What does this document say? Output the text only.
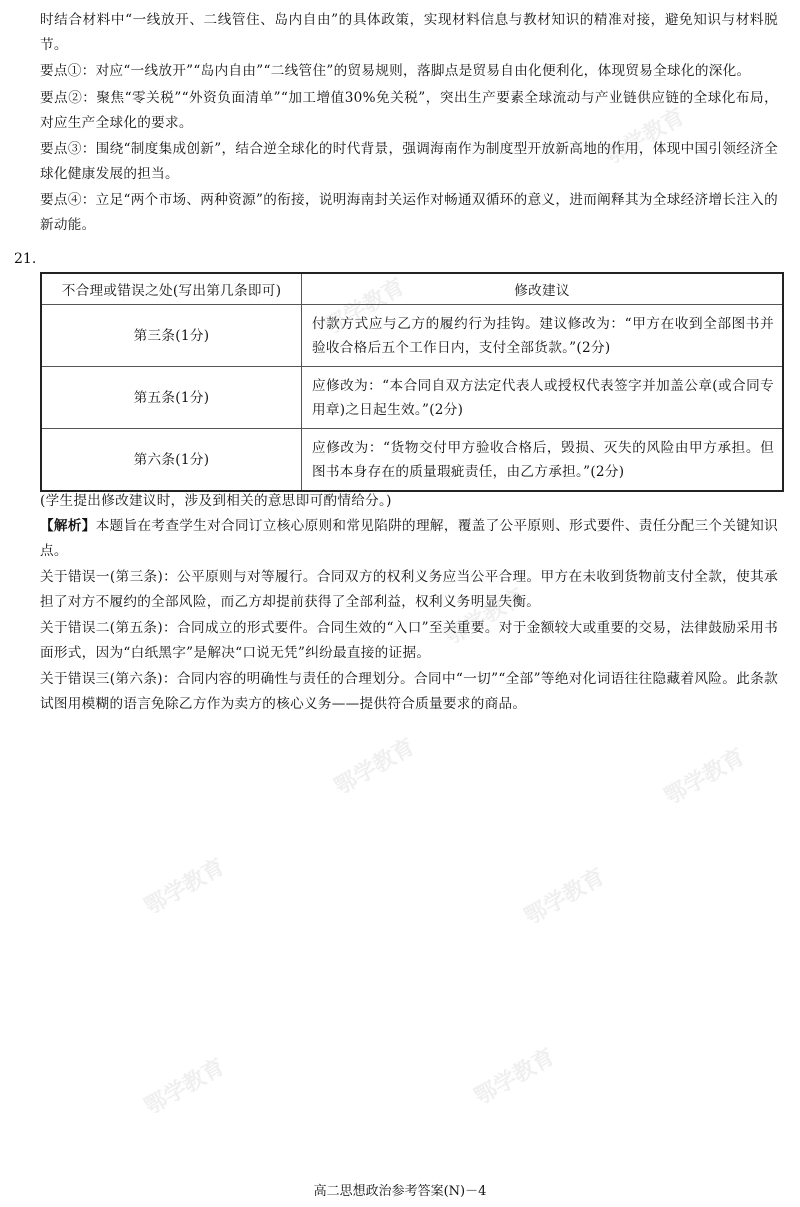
鄂学教育
鄂学教育
鄂学教育
鄂学教育	鄂学教育
鄂学教育	鄂学教育
鄂学教育	鄂学教育

时结合材料中“一线放开、二线管住、岛内自由”的具体政策，实现材料信息与教材知识的精准对接，避免知识与材料脱节。

要点①：对应“一线放开”“岛内自由”“二线管住”的贸易规则，落脚点是贸易自由化便利化，体现贸易全球化的深化。

要点②：聚焦“零关税”“外资负面清单”“加工增值30%免关税”，突出生产要素全球流动与产业链供应链的全球化布局，对应生产全球化的要求。

要点③：围绕“制度集成创新”，结合逆全球化的时代背景，强调海南作为制度型开放新高地的作用，体现中国引领经济全球化健康发展的担当。

要点④：立足“两个市场、两种资源”的衔接，说明海南封关运作对畅通双循环的意义，进而阐释其为全球经济增长注入的新动能。

21.
不合理或错误之处(写出第几条即可)	修改建议
第三条(1分)	付款方式应与乙方的履约行为挂钩。建议修改为：“甲方在收到全部图书并验收合格后五个工作日内，支付全部货款。”(2分)
第五条(1分)	应修改为：“本合同自双方法定代表人或授权代表签字并加盖公章(或合同专用章)之日起生效。”(2分)
第六条(1分)	应修改为：“货物交付甲方验收合格后，毁损、灭失的风险由甲方承担。但图书本身存在的质量瑕疵责任，由乙方承担。”(2分)

(学生提出修改建议时，涉及到相关的意思即可酌情给分。)

【解析】本题旨在考查学生对合同订立核心原则和常见陷阱的理解，覆盖了公平原则、形式要件、责任分配三个关键知识点。

关于错误一(第三条)：公平原则与对等履行。合同双方的权利义务应当公平合理。甲方在未收到货物前支付全款，使其承担了对方不履约的全部风险，而乙方却提前获得了全部利益，权利义务明显失衡。

关于错误二(第五条)：合同成立的形式要件。合同生效的“入口”至关重要。对于金额较大或重要的交易，法律鼓励采用书面形式，因为“白纸黑字”是解决“口说无凭”纠纷最直接的证据。

关于错误三(第六条)：合同内容的明确性与责任的合理划分。合同中“一切”“全部”等绝对化词语往往隐藏着风险。此条款试图用模糊的语言免除乙方作为卖方的核心义务——提供符合质量要求的商品。

高二思想政治参考答案(N)－4
